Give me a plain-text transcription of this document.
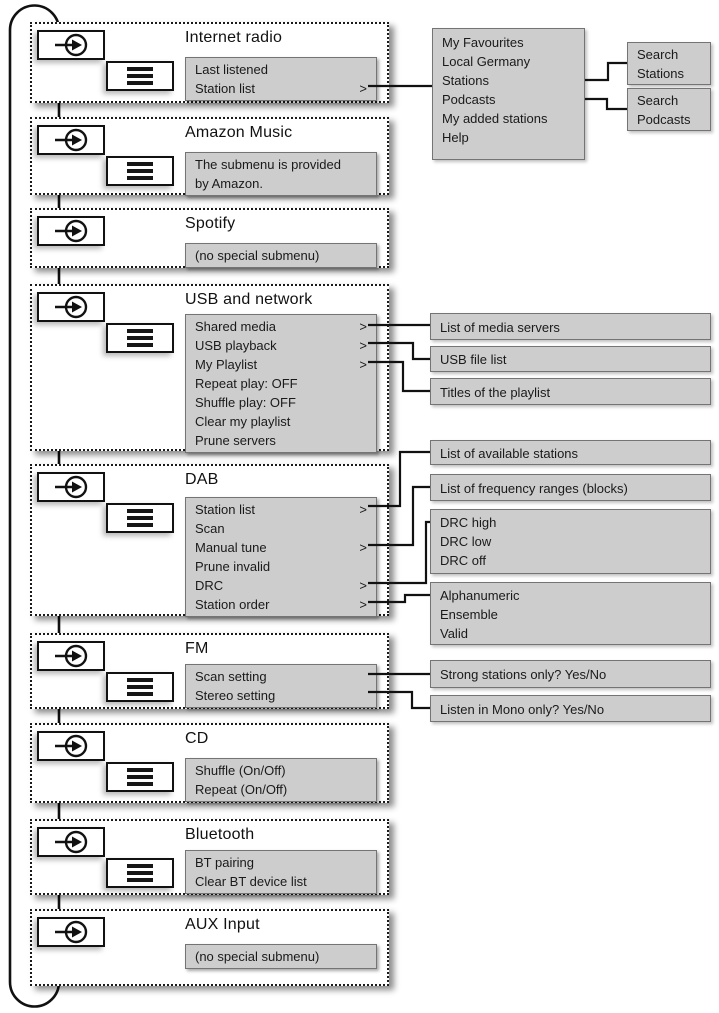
Internet radio
Last listened
Station list	>
Amazon Music
The submenu is provided
by Amazon.
Spotify
(no special submenu)
USB and network
Shared media	>
USB playback	>
My Playlist	>
Repeat play: OFF
Shuffle play: OFF
Clear my playlist
Prune servers
DAB
Station list	>
Scan
Manual tune	>
Prune invalid
DRC	>
Station order	>
FM
Scan setting
Stereo setting
CD
Shuffle (On/Off)
Repeat (On/Off)
Bluetooth
BT pairing
Clear BT device list
AUX Input
(no special submenu)
My Favourites
Local Germany
Stations
Podcasts
My added stations
Help
Search
Stations
Search
Podcasts
List of media servers
USB file list
Titles of the playlist
List of available stations
List of frequency ranges (blocks)
DRC high
DRC low
DRC off
Alphanumeric
Ensemble
Valid
Strong stations only? Yes/No
Listen in Mono only? Yes/No
